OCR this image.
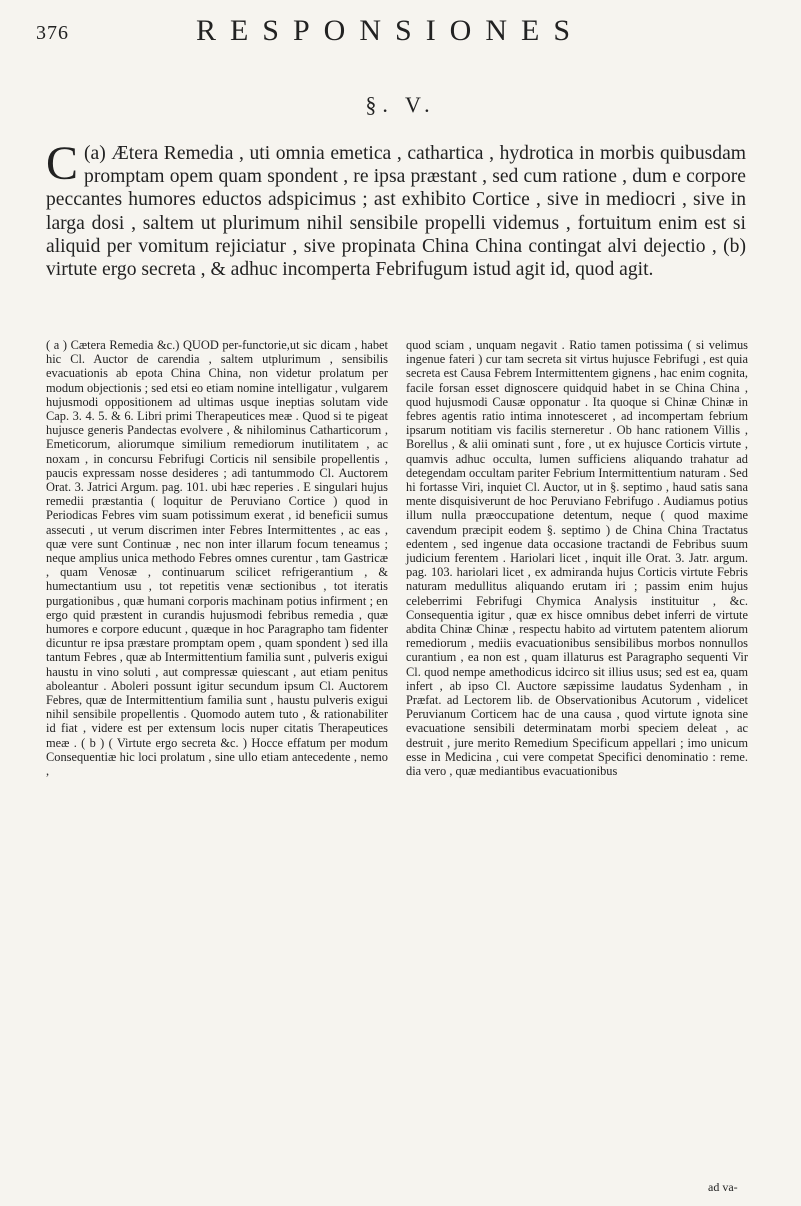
376	RESPONSIONES
§. V.
(a)
C Ætera Remedia , uti omnia emetica , cathartica , hydrotica in morbis quibusdam promptam opem quam spondent , re ipsa præstant , sed cum ratione , dum e corpore peccantes humores eductos adspicimus ; ast exhibito Cortice , sive in mediocri , sive in larga dosi , saltem ut plurimum nihil sensibile propelli videmus , fortuitum enim est si aliquid per vomitum rejiciatur , sive propinata China China contingat alvi dejectio , (b) virtute ergo secreta , & adhuc incomperta Febrifugum istud agit id, quod agit.

( a ) Cætera Remedia &c.) QUOD per-functorie,ut sic dicam , habet hic Cl. Auctor de carendia , saltem utplurimum , sensibilis evacuationis ab epota China China, non videtur prolatum per modum objectionis ; sed etsi eo etiam nomine intelligatur , vulgarem hujusmodi oppositionem ad ultimas usque ineptias solutam vide Cap. 3. 4. 5. & 6. Libri primi Therapeutices meæ . Quod si te pigeat hujusce generis Pandectas evolvere , & nihilominus Catharticorum , Emeticorum, aliorumque similium remediorum inutilitatem , ac noxam , in concursu Febrifugi Corticis nil sensibile propellentis , paucis expressam nosse desideres ; adi tantummodo Cl. Auctorem Orat. 3. Jatrici Argum. pag. 101. ubi hæc reperies . E singulari hujus remedii præstantia ( loquitur de Peruviano Cortice ) quod in Periodicas Febres vim suam potissimum exerat , id beneficii sumus assecuti , ut verum discrimen inter Febres Intermittentes , ac eas , quæ vere sunt Continuæ , nec non inter illarum focum teneamus ; neque amplius unica methodo Febres omnes curentur , tam Gastricæ , quam Venosæ , continuarum scilicet refrigerantium , & humectantium usu , tot repetitis venæ sectionibus , tot iteratis purgationibus , quæ humani corporis machinam potius infirment ; en ergo quid præstent in curandis hujusmodi febribus remedia , quæ humores e corpore educunt , quæque in hoc Paragrapho tam fidenter dicuntur re ipsa præstare promptam opem , quam spondent ) sed illa tantum Febres , quæ ab Intermittentium familia sunt , pulveris exigui haustu in vino soluti , aut compressæ quiescant , aut etiam penitus aboleantur . Aboleri possunt igitur secundum ipsum Cl. Auctorem Febres, quæ de Intermittentium familia sunt , haustu pulveris exigui nihil sensibile propellentis . Quomodo autem tuto , & rationabiliter id fiat , videre est per extensum locis nuper citatis Therapeutices meæ . ( b ) ( Virtute ergo secreta &c. ) Hocce effatum per modum Consequentiæ hic loci prolatum , sine ullo etiam antecedente , nemo ,

quod sciam , unquam negavit . Ratio tamen potissima ( si velimus ingenue fateri ) cur tam secreta sit virtus hujusce Febrifugi , est quia secreta est Causa Febrem Intermittentem gignens , hac enim cognita, facile forsan esset dignoscere quidquid habet in se China China , quod hujusmodi Causæ opponatur . Ita quoque si Chinæ Chinæ in febres agentis ratio intima innotesceret , ad incompertam febrium ipsarum notitiam vis facilis sterneretur . Ob hanc rationem Villis , Borellus , & alii ominati sunt , fore , ut ex hujusce Corticis virtute , quamvis adhuc occulta, lumen sufficiens aliquando trahatur ad detegendam occultam pariter Febrium Intermittentium naturam . Sed hi fortasse Viri, inquiet Cl. Auctor, ut in §. septimo , haud satis sana mente disquisiverunt de hoc Peruviano Febrifugo . Audiamus potius illum nulla præoccupatione detentum, neque ( quod maxime cavendum præcipit eodem §. septimo ) de China China Tractatus edentem , sed ingenue data occasione tractandi de Febribus suum judicium ferentem . Hariolari licet , inquit ille Orat. 3. Jatr. argum. pag. 103. hariolari licet , ex admiranda hujus Corticis virtute Febris naturam medullitus aliquando erutam iri ; passim enim hujus celeberrimi Febrifugi Chymica Analysis instituitur , &c. Consequentia igitur , quæ ex hisce omnibus debet inferri de virtute abdita Chinæ Chinæ , respectu habito ad virtutem patentem aliorum remediorum , mediis evacuationibus sensibilibus morbos nonnullos curantium , ea non est , quam illaturus est Paragrapho sequenti Vir Cl. quod nempe amethodicus idcirco sit illius usus; sed est ea, quam infert , ab ipso Cl. Auctore sæpissime laudatus Sydenham , in Præfat. ad Lectorem lib. de Observationibus Acutorum , videlicet Peruvianum Corticem hac de una causa , quod virtute ignota sine evacuatione sensibili determinatam morbi speciem deleat , ac destruit , jure merito Remedium Specificum appellari ; imo unicum esse in Medicina , cui vere competat Specifici denominatio : reme. dia vero , quæ mediantibus evacuationibus

ad va-
